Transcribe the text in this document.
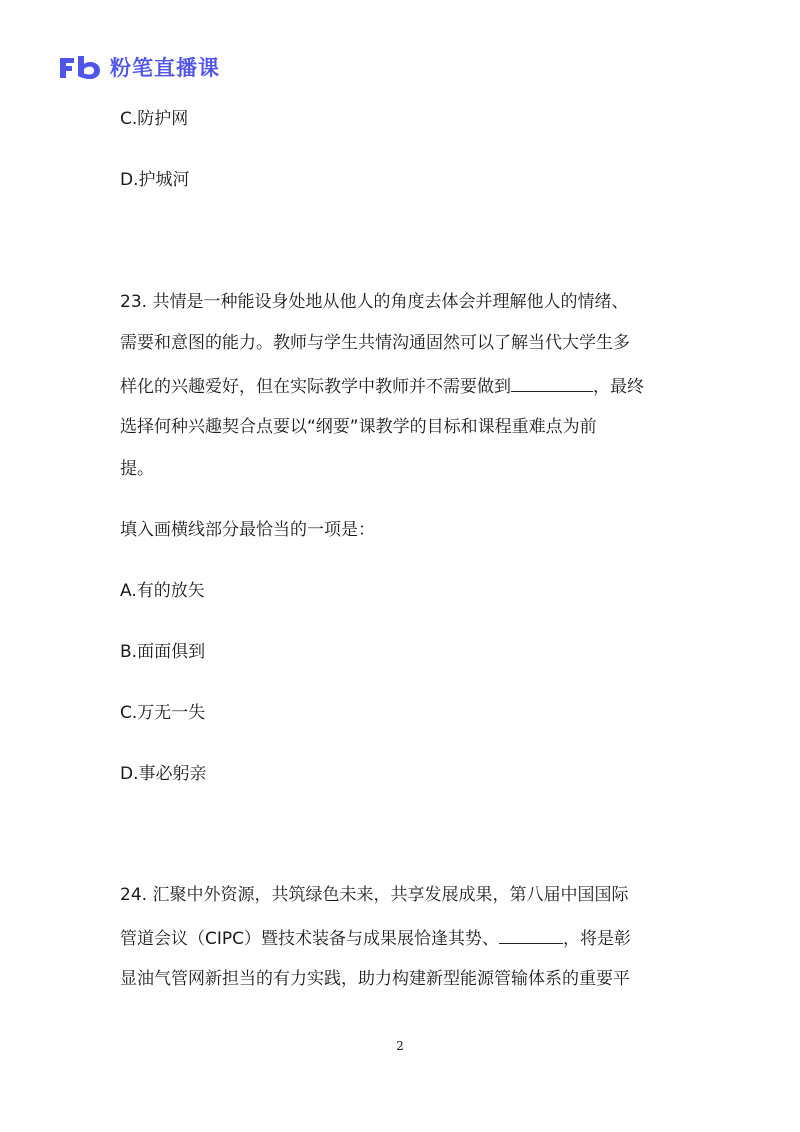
粉笔直播课
C.防护网
D.护城河
23. 共情是一种能设身处地从他人的角度去体会并理解他人的情绪、
需要和意图的能力。教师与学生共情沟通固然可以了解当代大学生多
样化的兴趣爱好，但在实际教学中教师并不需要做到	，最终
选择何种兴趣契合点要以“纲要”课教学的目标和课程重难点为前
提。
填入画横线部分最恰当的一项是：
A.有的放矢
B.面面俱到
C.万无一失
D.事必躬亲
24. 汇聚中外资源，共筑绿色未来，共享发展成果，第八届中国国际
管道会议（CIPC）暨技术装备与成果展恰逢其势、	，将是彰
显油气管网新担当的有力实践，助力构建新型能源管输体系的重要平
2
